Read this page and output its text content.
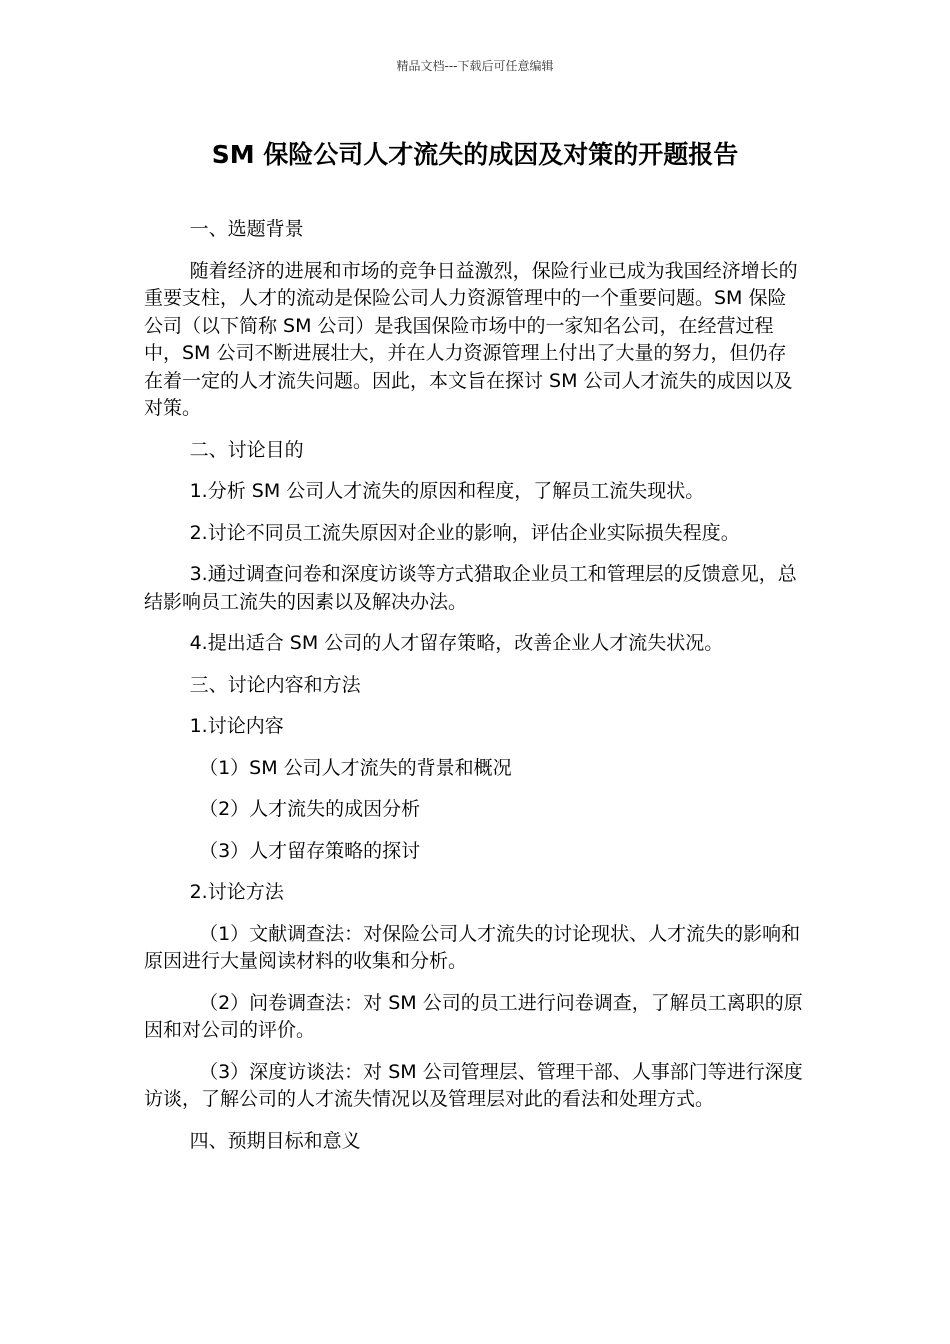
精品文档---下载后可任意编辑
SM 保险公司人才流失的成因及对策的开题报告

一、选题背景

随着经济的进展和市场的竞争日益激烈，保险行业已成为我国经济增长的重要支柱，人才的流动是保险公司人力资源管理中的一个重要问题。SM 保险公司（以下简称 SM 公司）是我国保险市场中的一家知名公司，在经营过程中，SM 公司不断进展壮大，并在人力资源管理上付出了大量的努力，但仍存在着一定的人才流失问题。因此，本文旨在探讨 SM 公司人才流失的成因以及对策。

二、讨论目的

1.分析 SM 公司人才流失的原因和程度，了解员工流失现状。

2.讨论不同员工流失原因对企业的影响，评估企业实际损失程度。

3.通过调查问卷和深度访谈等方式猎取企业员工和管理层的反馈意见，总结影响员工流失的因素以及解决办法。

4.提出适合 SM 公司的人才留存策略，改善企业人才流失状况。

三、讨论内容和方法

1.讨论内容

（1）SM 公司人才流失的背景和概况

（2）人才流失的成因分析

（3）人才留存策略的探讨

2.讨论方法

（1）文献调查法：对保险公司人才流失的讨论现状、人才流失的影响和原因进行大量阅读材料的收集和分析。

（2）问卷调查法：对 SM 公司的员工进行问卷调查，了解员工离职的原因和对公司的评价。

（3）深度访谈法：对 SM 公司管理层、管理干部、人事部门等进行深度访谈，了解公司的人才流失情况以及管理层对此的看法和处理方式。

四、预期目标和意义
